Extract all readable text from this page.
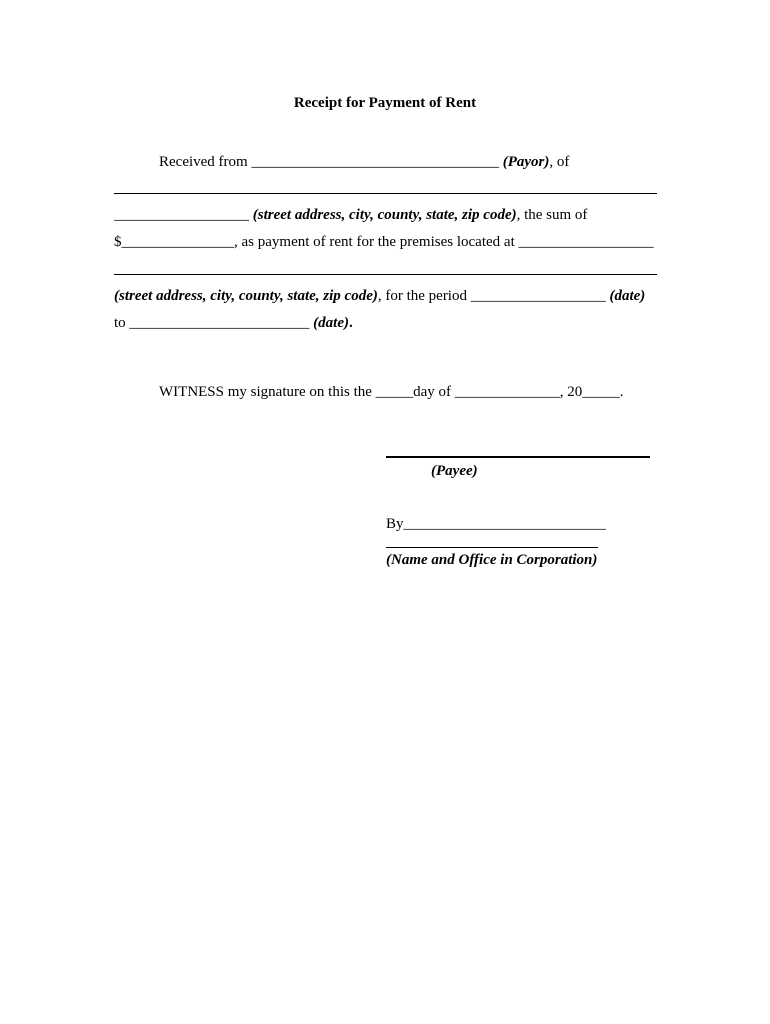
Receipt for Payment of Rent
Received from _________________________________ (Payor), of
__________________ (street address, city, county, state, zip code), the sum of
$_______________, as payment of rent for the premises located at __________________
(street address, city, county, state, zip code), for the period __________________ (date)
to ________________________ (date).
WITNESS my signature on this the _____day of ______________, 20_____.
(Payee)
By___________________________
(Name and Office in Corporation)
